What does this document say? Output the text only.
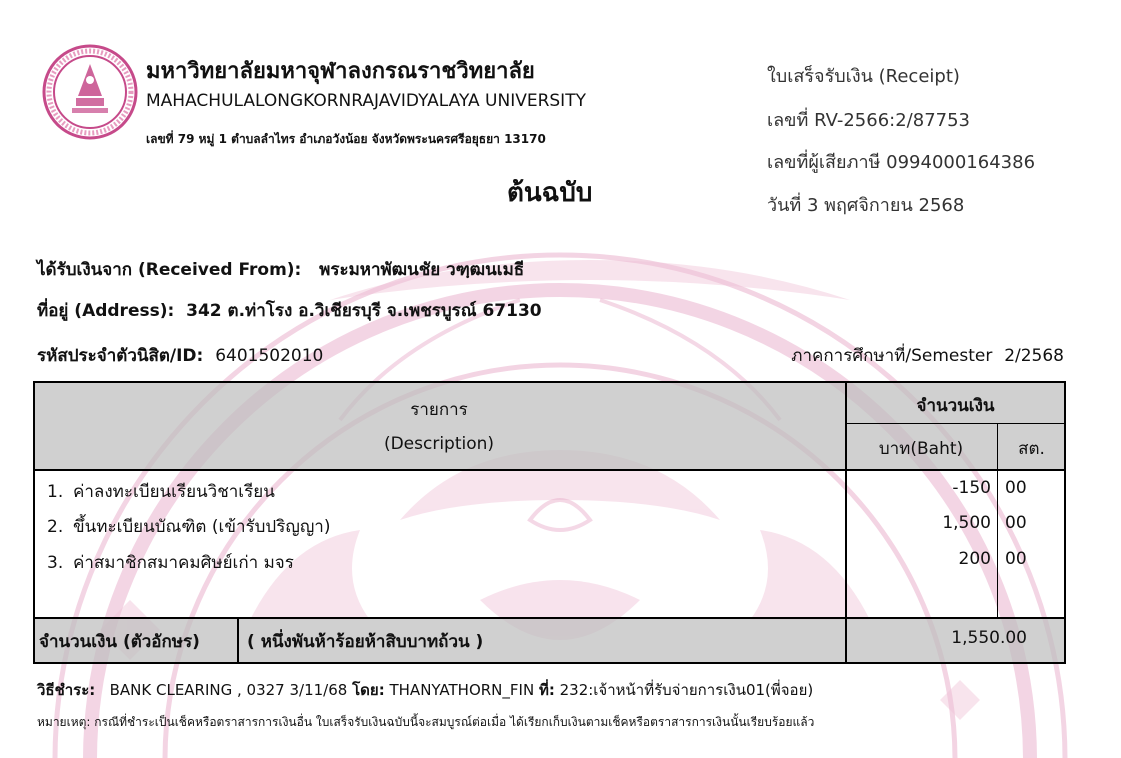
มหาวิทยาลัยมหาจุฬาลงกรณราชวิทยาลัย
MAHACHULALONGKORNRAJAVIDYALAYA UNIVERSITY
เลขที่ 79 หมู่ 1 ตำบลลำไทร อำเภอวังน้อย จังหวัดพระนครศรีอยุธยา 13170
ต้นฉบับ
ใบเสร็จรับเงิน (Receipt)
เลขที่ RV-2566:2/87753
เลขที่ผู้เสียภาษี 0994000164386
วันที่ 3 พฤศจิกายน 2568
ได้รับเงินจาก (Received From): พระมหาพัฒนชัย วฑฺฒนเมธี
ที่อยู่ (Address): 342 ต.ท่าโรง อ.วิเชียรบุรี จ.เพชรบูรณ์ 67130
รหัสประจำตัวนิสิต/ID: 6401502010	ภาคการศึกษาที่/Semester 2/2568
รายการ
(Description)
จำนวนเงิน
บาท(Baht)	สต.
1. ค่าลงทะเบียนเรียนวิชาเรียน	-150 00
2. ขึ้นทะเบียนบัณฑิต (เข้ารับปริญญา)	1,500 00
3. ค่าสมาชิกสมาคมศิษย์เก่า มจร	200 00
จำนวนเงิน (ตัวอักษร)	( หนึ่งพันห้าร้อยห้าสิบบาทถ้วน )	1,550.00
วิธีชำระ: BANK CLEARING , 0327 3/11/68 โดย: THANYATHORN_FIN ที่: 232:เจ้าหน้าที่รับจ่ายการเงิน01(พี่จอย)
หมายเหตุ: กรณีที่ชำระเป็นเช็คหรือตราสารการเงินอื่น ใบเสร็จรับเงินฉบับนี้จะสมบูรณ์ต่อเมื่อ ได้เรียกเก็บเงินตามเช็คหรือตราสารการเงินนั้นเรียบร้อยแล้ว
